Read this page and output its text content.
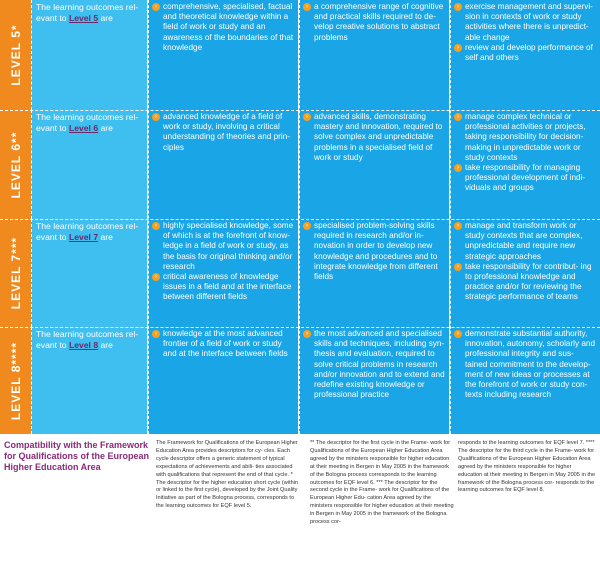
LEVEL 5*
The learning outcomes rel- evant to Level 5 are

› comprehensive, specialised, factual and theoretical knowledge within a field of work or study and an awareness of the boundaries of that knowledge

› a comprehensive range of cognitive and practical skills required to de- velop creative solutions to abstract problems

› exercise management and supervi- sion in contexts of work or study activities where there is unpredict- able change

› review and develop performance of self and others

LEVEL 6**
The learning outcomes rel- evant to Level 6 are

› advanced knowledge of a field of work or study, involving a critical understanding of theories and prin- ciples

› advanced skills, demonstrating mastery and innovation, required to solve complex and unpredictable problems in a specialised field of work or study

› manage complex technical or professional activities or projects, taking responsibility for decision- making in unpredictable work or study contexts

› take responsibility for managing professional development of indi- viduals and groups

LEVEL 7***
The learning outcomes rel- evant to Level 7 are

› highly specialised knowledge, some of which is at the forefront of know- ledge in a field of work or study, as the basis for original thinking and/or research

› critical awareness of knowledge issues in a field and at the interface between different fields

› specialised problem-solving skills required in research and/or in- novation in order to develop new knowledge and procedures and to integrate knowledge from different fields

› manage and transform work or study contexts that are complex, unpredictable and require new strategic approaches

› take responsibility for contribut- ing to professional knowledge and practice and/or for reviewing the strategic performance of teams

LEVEL 8****
The learning outcomes rel- evant to Level 8 are

› knowledge at the most advanced frontier of a field of work or study and at the interface between fields

› the most advanced and specialised skills and techniques, including syn- thesis and evaluation, required to solve critical problems in research and/or innovation and to extend and redefine existing knowledge or professional practice

› demonstrate substantial authority, innovation, autonomy, scholarly and professional integrity and sus- tained commitment to the develop- ment of new ideas or processes at the forefront of work or study con- texts including research

Compatibility with the Framework for Qualifications of the European Higher Education Area
The Framework for Qualifications of the European Higher Education Area provides descriptors for cy- cles. Each cycle descriptor offers a generic statement of typical expectations of achievements and abili- ties associated with qualifications that represent the end of that cycle. * The descriptor for the higher education short cycle (within or linked to the first cycle), developed by the Joint Quality Initiative as part of the Bologna process, corresponds to the learning outcomes for EQF level 5.
** The descriptor for the first cycle in the Frame- work for Qualifications of the European Higher Education Area agreed by the ministers responsible for higher education at their meeting in Bergen in May 2005 in the framework of the Bologna process corresponds to the learning outcomes for EQF level 6. *** The descriptor for the second cycle in the Frame- work for Qualifications of the European Higher Edu- cation Area agreed by the ministers responsible for higher education at their meeting in Bergen in May 2005 in the framework of the Bologna process cor-
responds to the learning outcomes for EQF level 7. **** The descriptor for the third cycle in the Frame- work for Qualifications of the European Higher Education Area agreed by the ministers responsible for higher education at their meeting in Bergen in May 2005 in the framework of the Bologna process cor- responds to the learning outcomes for EQF level 8.
